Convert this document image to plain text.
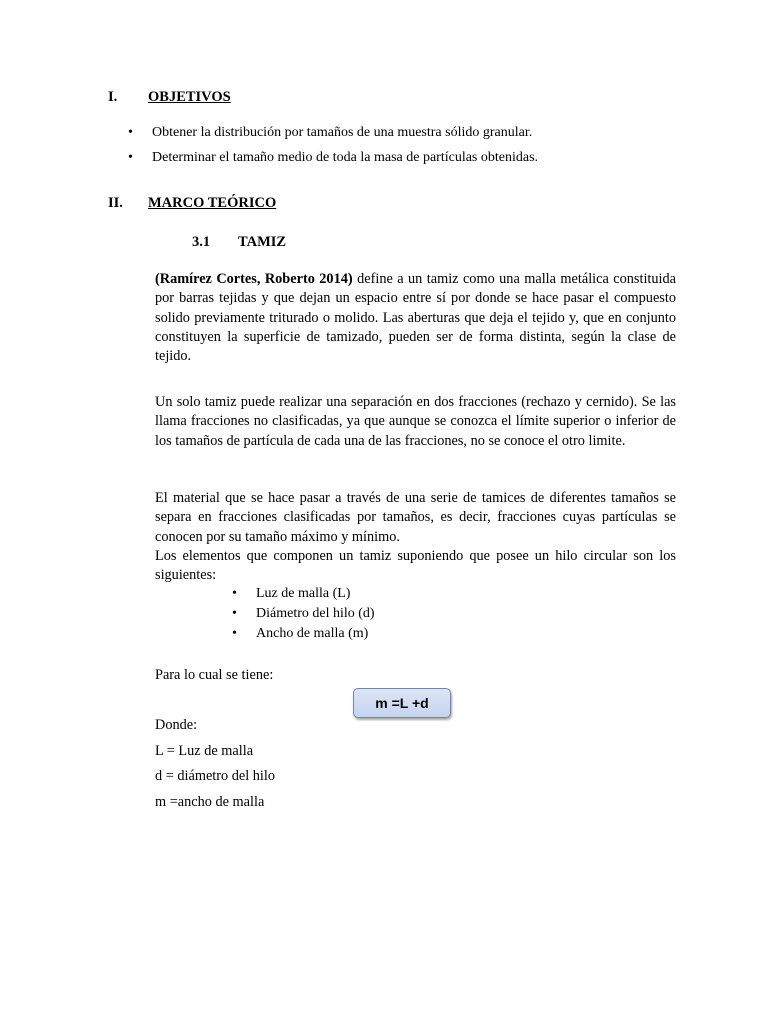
I. OBJETIVOS
• Obtener la distribución por tamaños de una muestra sólido granular.
• Determinar el tamaño medio de toda la masa de partículas obtenidas.
II. MARCO TEÓRICO
3.1 TAMIZ

(Ramírez Cortes, Roberto 2014) define a un tamiz como una malla metálica constituida por barras tejidas y que dejan un espacio entre sí por donde se hace pasar el compuesto solido previamente triturado o molido. Las aberturas que deja el tejido y, que en conjunto constituyen la superficie de tamizado, pueden ser de forma distinta, según la clase de tejido.

Un solo tamiz puede realizar una separación en dos fracciones (rechazo y cernido). Se las llama fracciones no clasificadas, ya que aunque se conozca el límite superior o inferior de los tamaños de partícula de cada una de las fracciones, no se conoce el otro limite.

El material que se hace pasar a través de una serie de tamices de diferentes tamaños se separa en fracciones clasificadas por tamaños, es decir, fracciones cuyas partículas se conocen por su tamaño máximo y mínimo.

Los elementos que componen un tamiz suponiendo que posee un hilo circular son los siguientes:

• Luz de malla (L)
• Diámetro del hilo (d)
• Ancho de malla (m)

Para lo cual se tiene:

m =L +d

Donde:

L = Luz de malla

d = diámetro del hilo

m =ancho de malla
